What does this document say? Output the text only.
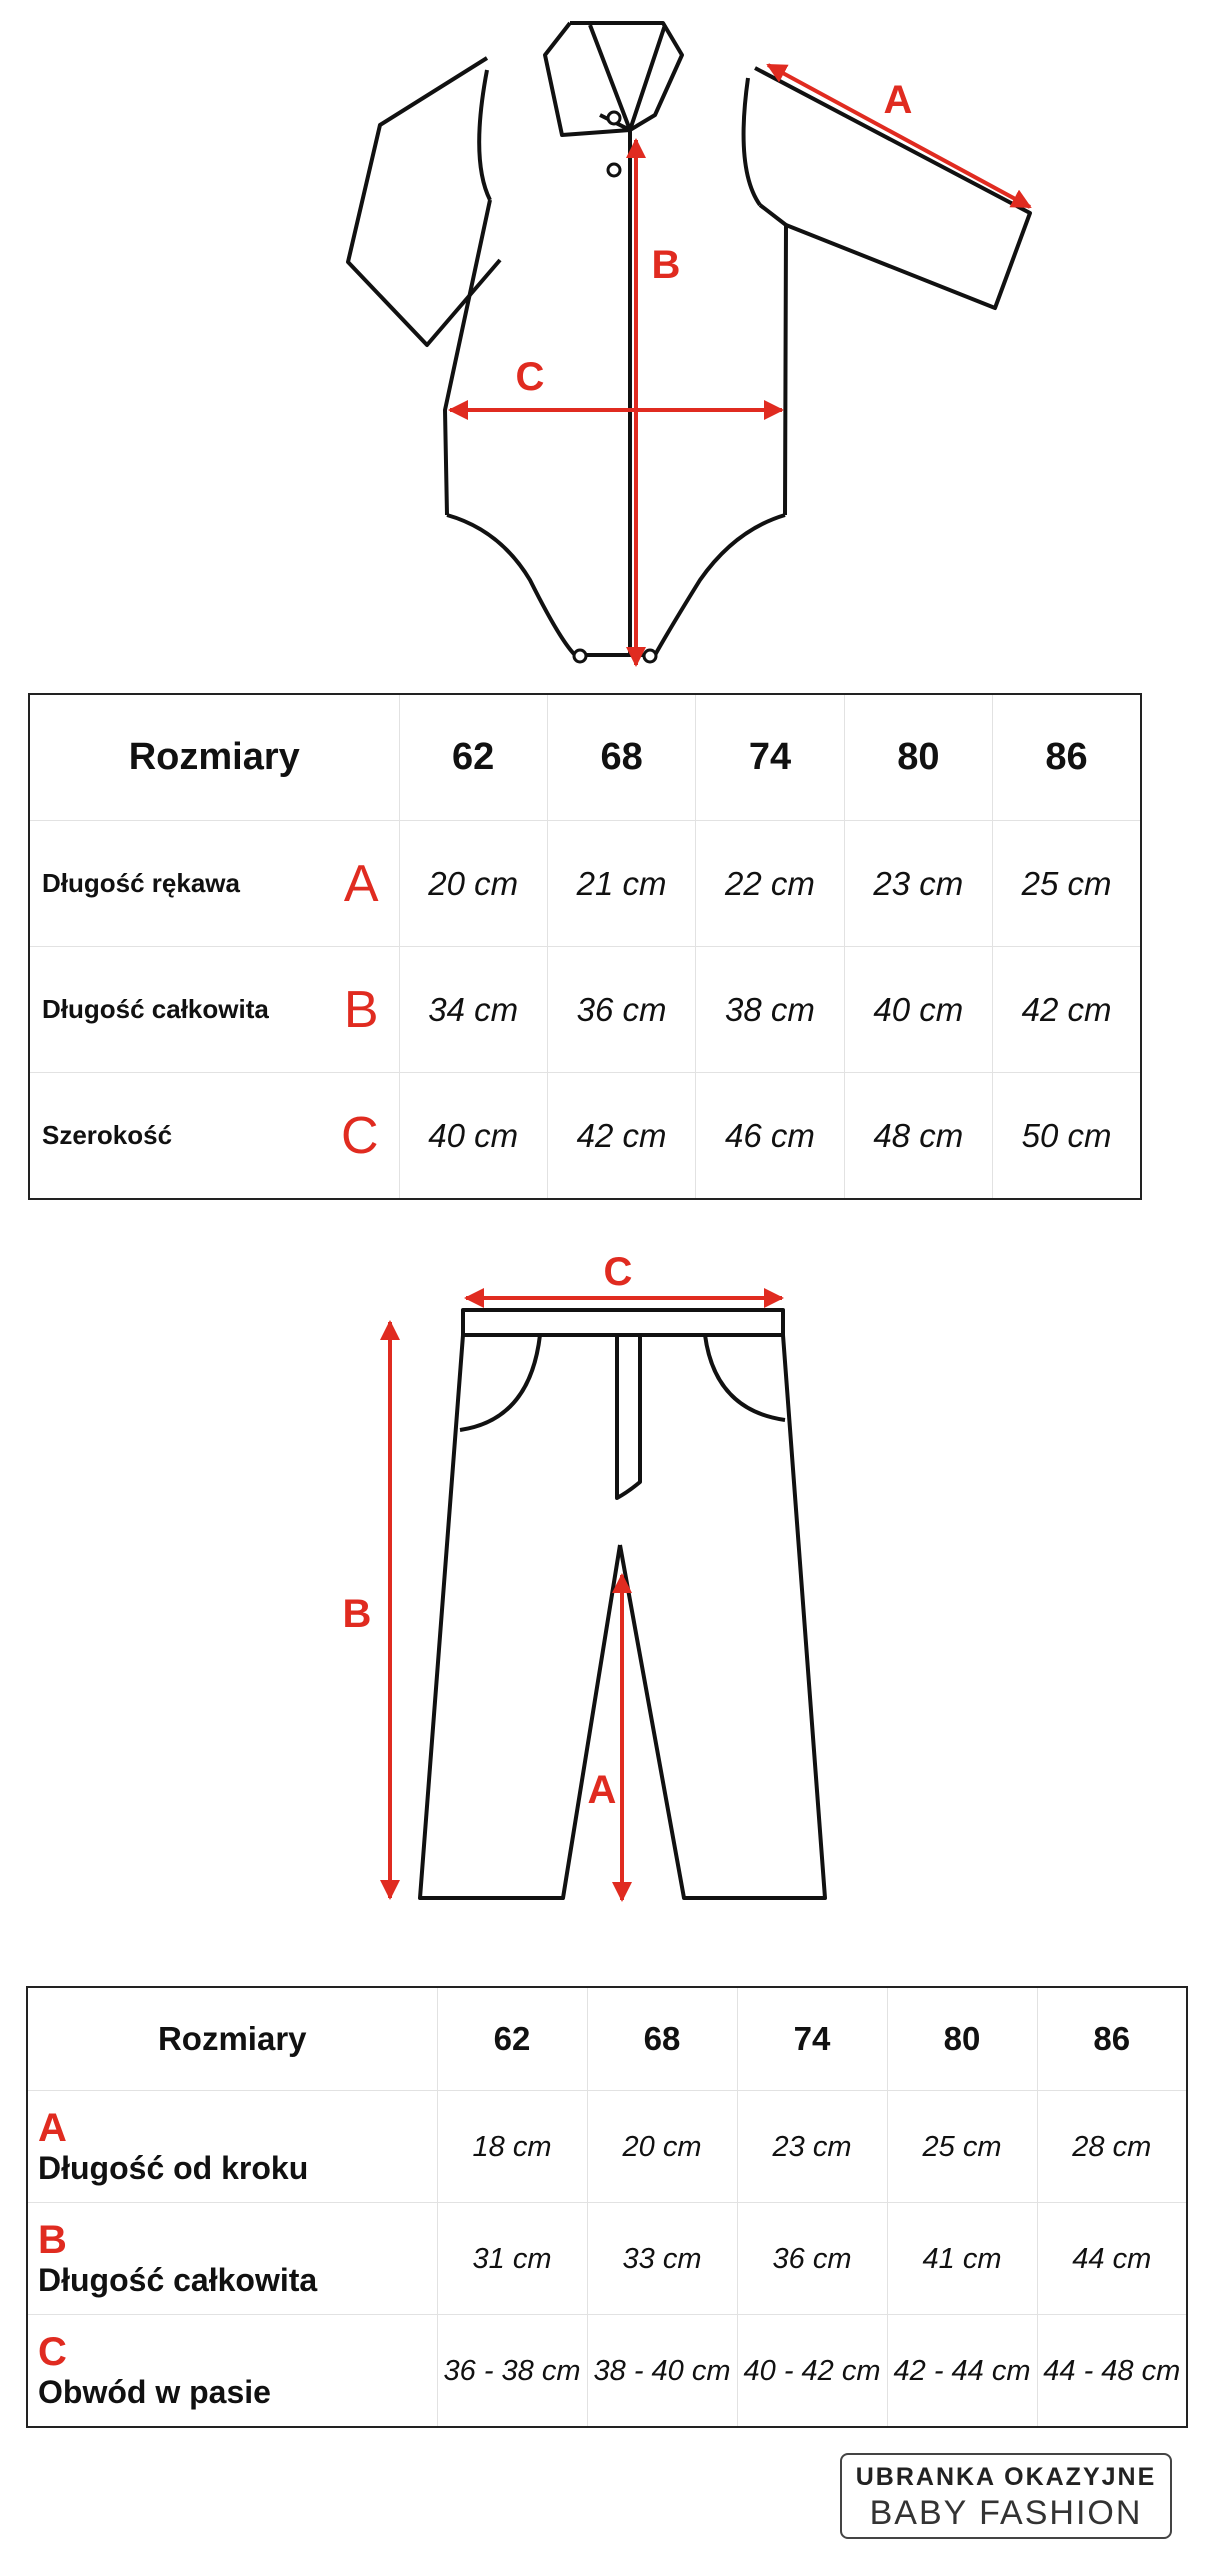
A
B
C
Rozmiary	62	68	74	80	86
Długość rękawa A	20 cm	21 cm	22 cm	23 cm	25 cm
Długość całkowita B	34 cm	36 cm	38 cm	40 cm	42 cm
Szerokość C	40 cm	42 cm	46 cm	48 cm	50 cm
A
B
C
Rozmiary	62	68	74	80	86

A
Długość od kroku	18 cm	20 cm	23 cm	25 cm	28 cm

B
Długość całkowita	31 cm	33 cm	36 cm	41 cm	44 cm

C
Obwód w pasie	36 - 38 cm	38 - 40 cm	40 - 42 cm	42 - 44 cm	44 - 48 cm
UBRANKA OKAZYJNE
BABY FASHION
